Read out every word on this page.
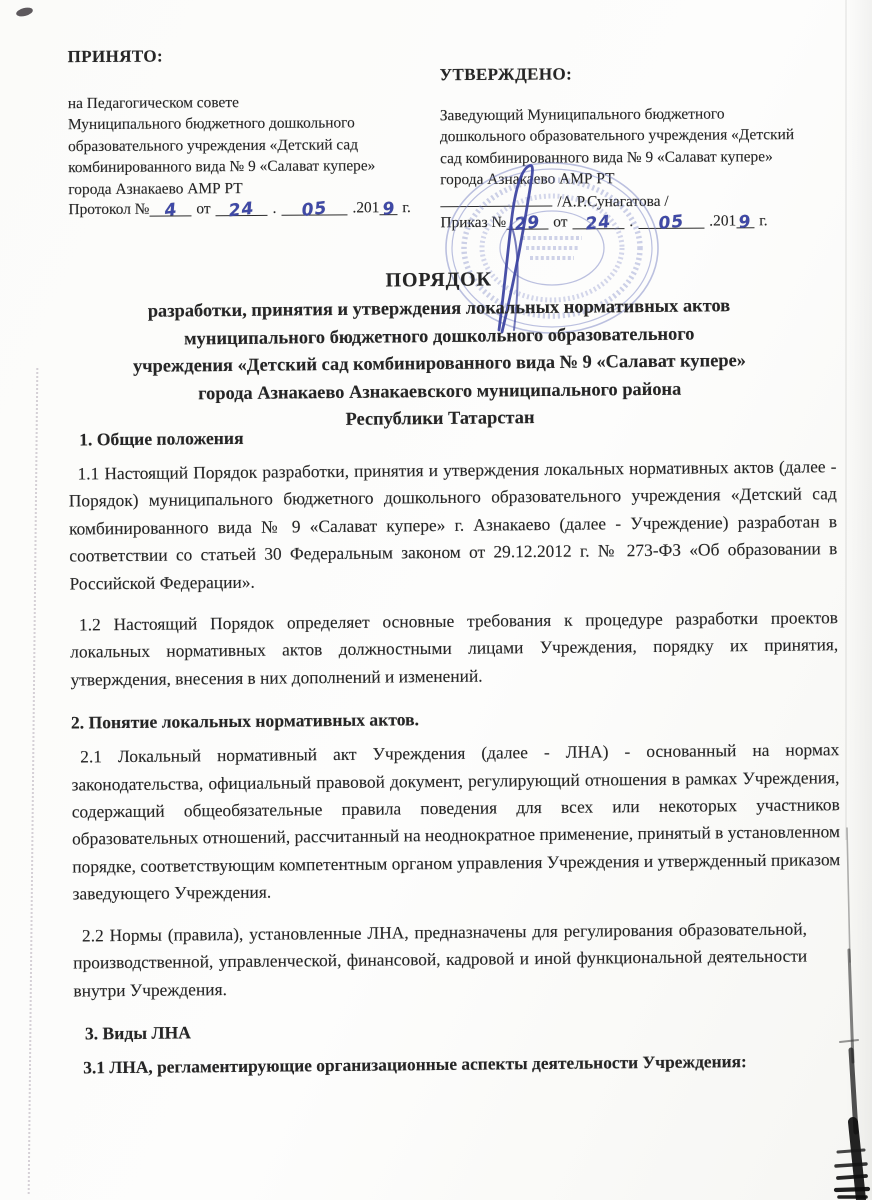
ПРИНЯТО:

на Педагогическом совете
Муниципального бюджетного дошкольного
образовательного учреждения «Детский сад
комбинированного вида № 9 «Салават купере»
города Азнакаево АМР РТ
Протокол № 4 от 24 . 05 .2019 г.

УТВЕРЖДЕНО:

Заведующий Муниципального бюджетного
дошкольного образовательного учреждения «Детский
сад комбинированного вида № 9 «Салават купере»
города Азнакаево АМР РТ
/А.Р.Сунагатова /
Приказ № 29 от 24 . 05 .2019 г.
ПОРЯДОК
разработки, принятия и утверждения локальных нормативных актов
муниципального бюджетного дошкольного образовательного
учреждения «Детский сад комбинированного вида № 9 «Салават купере»
города Азнакаево Азнакаевского муниципального района
Республики Татарстан

1. Общие положения

1.1 Настоящий Порядок разработки, принятия и утверждения локальных нормативных актов (далее - Порядок) муниципального бюджетного дошкольного образовательного учреждения «Детский сад комбинированного вида № 9 «Салават купере» г. Азнакаево (далее - Учреждение) разработан в соответствии со статьей 30 Федеральным законом от 29.12.2012 г. № 273-ФЗ «Об образовании в Российской Федерации».

1.2 Настоящий Порядок определяет основные требования к процедуре разработки проектов локальных нормативных актов должностными лицами Учреждения, порядку их принятия, утверждения, внесения в них дополнений и изменений.

2. Понятие локальных нормативных актов.

2.1 Локальный нормативный акт Учреждения (далее - ЛНА) - основанный на нормах законодательства, официальный правовой документ, регулирующий отношения в рамках Учреждения, содержащий общеобязательные правила поведения для всех или некоторых участников образовательных отношений, рассчитанный на неоднократное применение, принятый в установленном порядке, соответствующим компетентным органом управления Учреждения и утвержденный приказом заведующего Учреждения.

2.2 Нормы (правила), установленные ЛНА, предназначены для регулирования образовательной, производственной, управленческой, финансовой, кадровой и иной функциональной деятельности внутри Учреждения.

3. Виды ЛНА

3.1 ЛНА, регламентирующие организационные аспекты деятельности Учреждения:
